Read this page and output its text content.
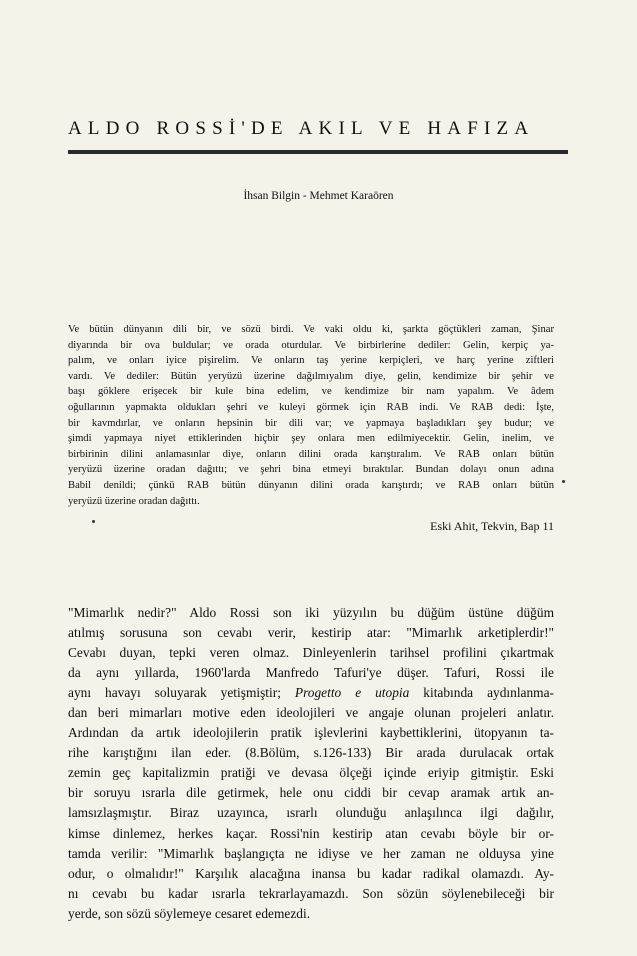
ALDO ROSSİ'DE AKIL VE HAFIZA
İhsan Bilgin - Mehmet Karaören
Ve bütün dünyanın dili bir, ve sözü birdi. Ve vaki oldu ki, şarkta göçtükleri zaman, Şinar
diyarında bir ova buldular; ve orada oturdular. Ve birbirlerine dediler: Gelin, kerpiç ya-
palım, ve onları iyice pişirelim. Ve onların taş yerine kerpiçleri, ve harç yerine ziftleri
vardı. Ve dediler: Bütün yeryüzü üzerine dağılmıyalım diye, gelin, kendimize bir şehir ve
başı göklere erişecek bir kule bina edelim, ve kendimize bir nam yapalım. Ve âdem
oğullarının yapmakta oldukları şehri ve kuleyi görmek için RAB indi. Ve RAB dedi: İşte,
bir kavmdırlar, ve onların hepsinin bir dili var; ve yapmaya başladıkları şey budur; ve
şimdi yapmaya niyet ettiklerinden hiçbir şey onlara men edilmiyecektir. Gelin, inelim, ve
birbirinin dilini anlamasınlar diye, onların dilini orada karıştıralım. Ve RAB onları bütün
yeryüzü üzerine oradan dağıttı; ve şehri bina etmeyi bıraktılar. Bundan dolayı onun adına
Babil denildi; çünkü RAB bütün dünyanın dilini orada karıştırdı; ve RAB onları bütün
yeryüzü üzerine oradan dağıttı.
Eski Ahit, Tekvin, Bap 11
"Mimarlık nedir?" Aldo Rossi son iki yüzyılın bu düğüm üstüne düğüm
atılmış sorusuna son cevabı verir, kestirip atar: "Mimarlık arketiplerdir!"
Cevabı duyan, tepki veren olmaz. Dinleyenlerin tarihsel profilini çıkartmak
da aynı yıllarda, 1960'larda Manfredo Tafuri'ye düşer. Tafuri, Rossi ile
aynı havayı soluyarak yetişmiştir; Progetto e utopia kitabında aydınlanma-
dan beri mimarları motive eden ideolojileri ve angaje olunan projeleri anlatır.
Ardından da artık ideolojilerin pratik işlevlerini kaybettiklerini, ütopyanın ta-
rihe karıştığını ilan eder. (8.Bölüm, s.126-133) Bir arada durulacak ortak
zemin geç kapitalizmin pratiği ve devasa ölçeği içinde eriyip gitmiştir. Eski
bir soruyu ısrarla dile getirmek, hele onu ciddi bir cevap aramak artık an-
lamsızlaşmıştır. Biraz uzayınca, ısrarlı olunduğu anlaşılınca ilgi dağılır,
kimse dinlemez, herkes kaçar. Rossi'nin kestirip atan cevabı böyle bir or-
tamda verilir: "Mimarlık başlangıçta ne idiyse ve her zaman ne olduysa yine
odur, o olmalıdır!" Karşılık alacağına inansa bu kadar radikal olamazdı. Ay-
nı cevabı bu kadar ısrarla tekrarlayamazdı. Son sözün söylenebileceği bir
yerde, son sözü söylemeye cesaret edemezdi.
